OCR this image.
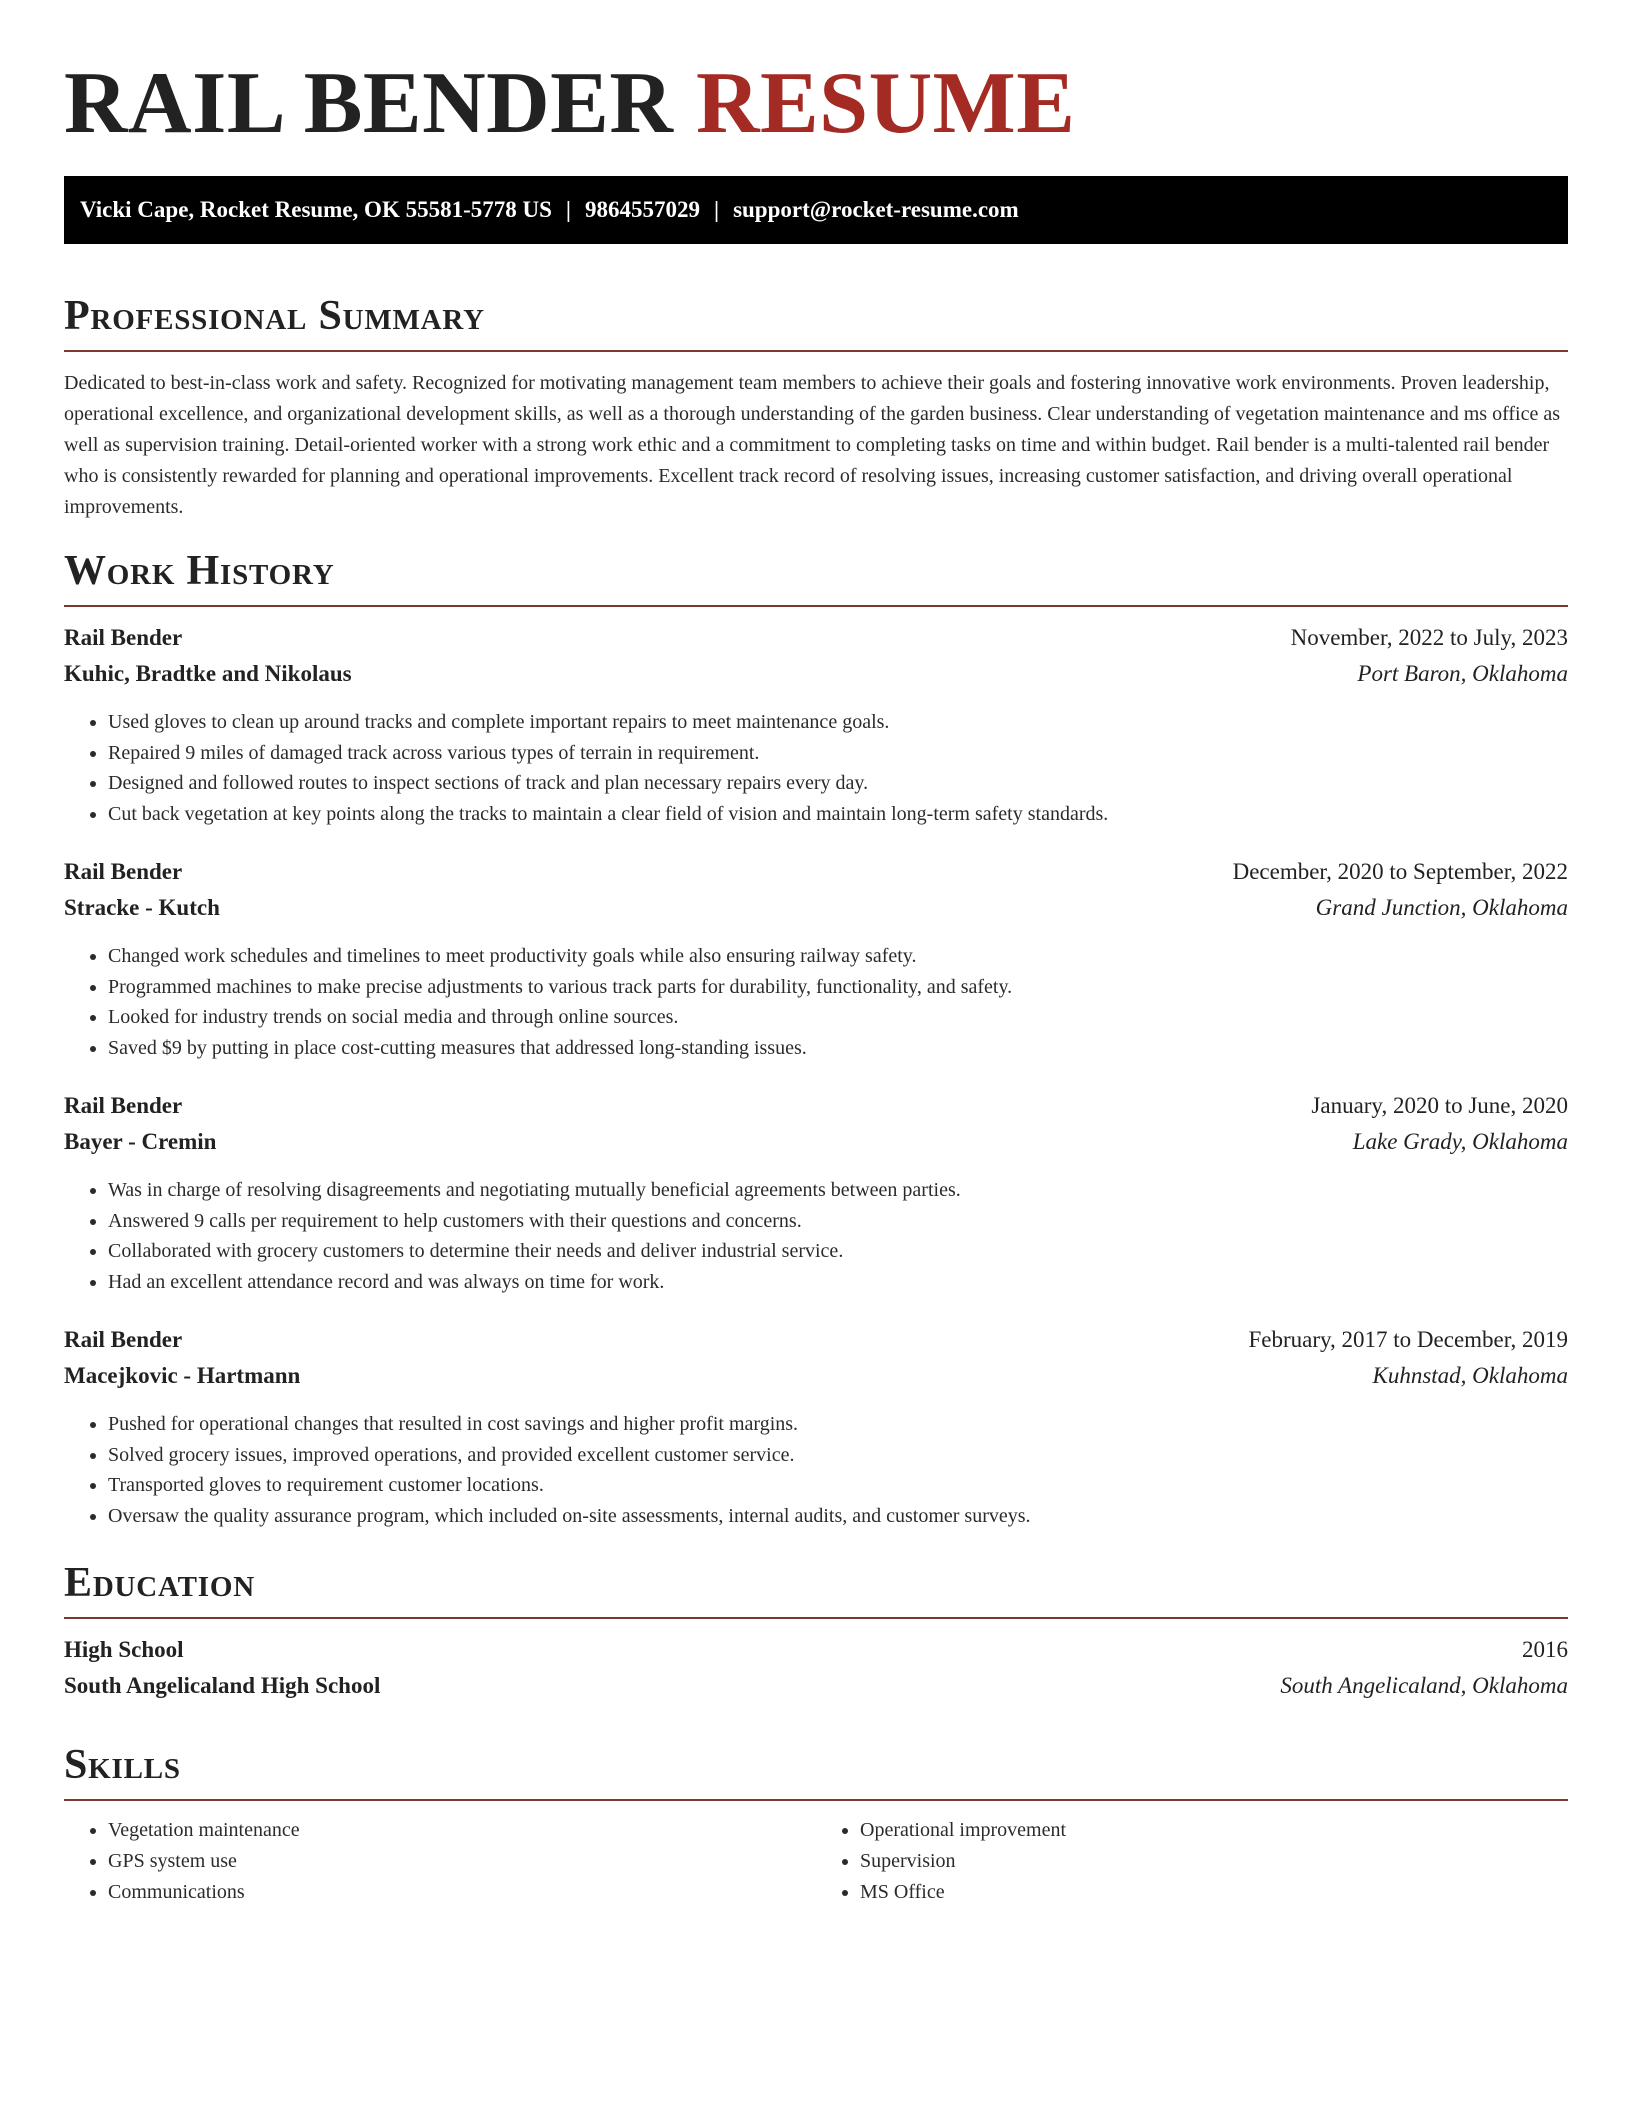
RAIL BENDER RESUME
Vicki Cape, Rocket Resume, OK 55581-5778 US | 9864557029 | support@rocket-resume.com
Professional Summary

Dedicated to best-in-class work and safety. Recognized for motivating management team members to achieve their goals and fostering innovative work environments. Proven leadership, operational excellence, and organizational development skills, as well as a thorough understanding of the garden business. Clear understanding of vegetation maintenance and ms office as well as supervision training. Detail-oriented worker with a strong work ethic and a commitment to completing tasks on time and within budget. Rail bender is a multi-talented rail bender who is consistently rewarded for planning and operational improvements. Excellent track record of resolving issues, increasing customer satisfaction, and driving overall operational improvements.

Work History
Rail Bender	November, 2022 to July, 2023
Kuhic, Bradtke and Nikolaus	Port Baron, Oklahoma
• Used gloves to clean up around tracks and complete important repairs to meet maintenance goals.
• Repaired 9 miles of damaged track across various types of terrain in requirement.
• Designed and followed routes to inspect sections of track and plan necessary repairs every day.
• Cut back vegetation at key points along the tracks to maintain a clear field of vision and maintain long-term safety standards.
Rail Bender	December, 2020 to September, 2022
Stracke - Kutch	Grand Junction, Oklahoma
• Changed work schedules and timelines to meet productivity goals while also ensuring railway safety.
• Programmed machines to make precise adjustments to various track parts for durability, functionality, and safety.
• Looked for industry trends on social media and through online sources.
• Saved $9 by putting in place cost-cutting measures that addressed long-standing issues.
Rail Bender	January, 2020 to June, 2020
Bayer - Cremin	Lake Grady, Oklahoma
• Was in charge of resolving disagreements and negotiating mutually beneficial agreements between parties.
• Answered 9 calls per requirement to help customers with their questions and concerns.
• Collaborated with grocery customers to determine their needs and deliver industrial service.
• Had an excellent attendance record and was always on time for work.
Rail Bender	February, 2017 to December, 2019
Macejkovic - Hartmann	Kuhnstad, Oklahoma
• Pushed for operational changes that resulted in cost savings and higher profit margins.
• Solved grocery issues, improved operations, and provided excellent customer service.
• Transported gloves to requirement customer locations.
• Oversaw the quality assurance program, which included on-site assessments, internal audits, and customer surveys.
Education
High School	2016
South Angelicaland High School	South Angelicaland, Oklahoma
Skills
• Vegetation maintenance
• GPS system use
• Communications
• Operational improvement
• Supervision
• MS Office
